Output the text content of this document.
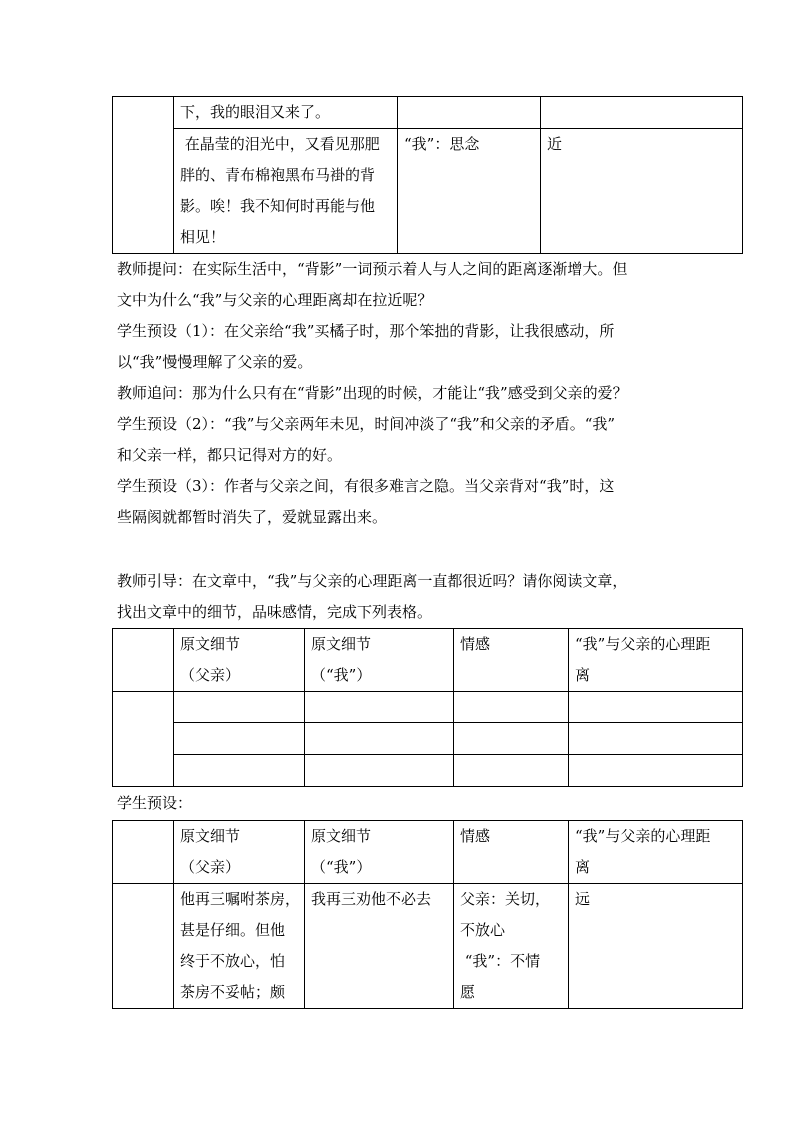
	下，我的眼泪又来了。		

	在晶莹的泪光中，又看见那肥
胖的、青布棉袍黑布马褂的背
影。唉！我不知何时再能与他
相见！	“我”：思念	近
教师提问：在实际生活中，“背影”一词预示着人与人之间的距离逐渐增大。但
文中为什么“我”与父亲的心理距离却在拉近呢？
学生预设（1）：在父亲给“我”买橘子时，那个笨拙的背影，让我很感动，所
以“我”慢慢理解了父亲的爱。
教师追问：那为什么只有在“背影”出现的时候，才能让“我”感受到父亲的爱？
学生预设（2）：“我”与父亲两年未见，时间冲淡了“我”和父亲的矛盾。“我”
和父亲一样，都只记得对方的好。
学生预设（3）：作者与父亲之间，有很多难言之隐。当父亲背对“我”时，这
些隔阂就都暂时消失了，爱就显露出来。
教师引导：在文章中，“我”与父亲的心理距离一直都很近吗？请你阅读文章，
找出文章中的细节，品味感情，完成下列表格。

	原文细节
（父亲）	原文细节
（“我”）	情感	“我”与父亲的心理距
离

学生预设：

	原文细节
（父亲）	原文细节
（“我”）	情感	“我”与父亲的心理距
离

	他再三嘱咐茶房，
甚是仔细。但他
终于不放心，怕
茶房不妥帖；颇	我再三劝他不必去	父亲：关切，
不放心
“我”：不情
愿	远
